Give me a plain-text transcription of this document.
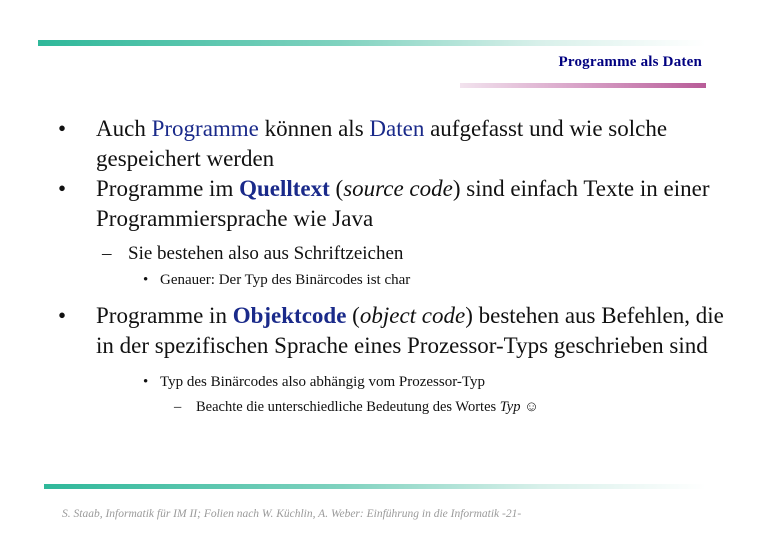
Programme als Daten
• Auch Programme können als Daten aufgefasst und wie solche gespeichert werden
• Programme im Quelltext (source code) sind einfach Texte in einer Programmiersprache wie Java
– Sie bestehen also aus Schriftzeichen
• Genauer: Der Typ des Binärcodes ist char
• Programme in Objektcode (object code) bestehen aus Befehlen, die in der spezifischen Sprache eines Prozessor-Typs geschrieben sind
• Typ des Binärcodes also abhängig vom Prozessor-Typ
– Beachte die unterschiedliche Bedeutung des Wortes Typ ☺
S. Staab, Informatik für IM II; Folien nach W. Küchlin, A. Weber: Einführung in die Informatik -21-
